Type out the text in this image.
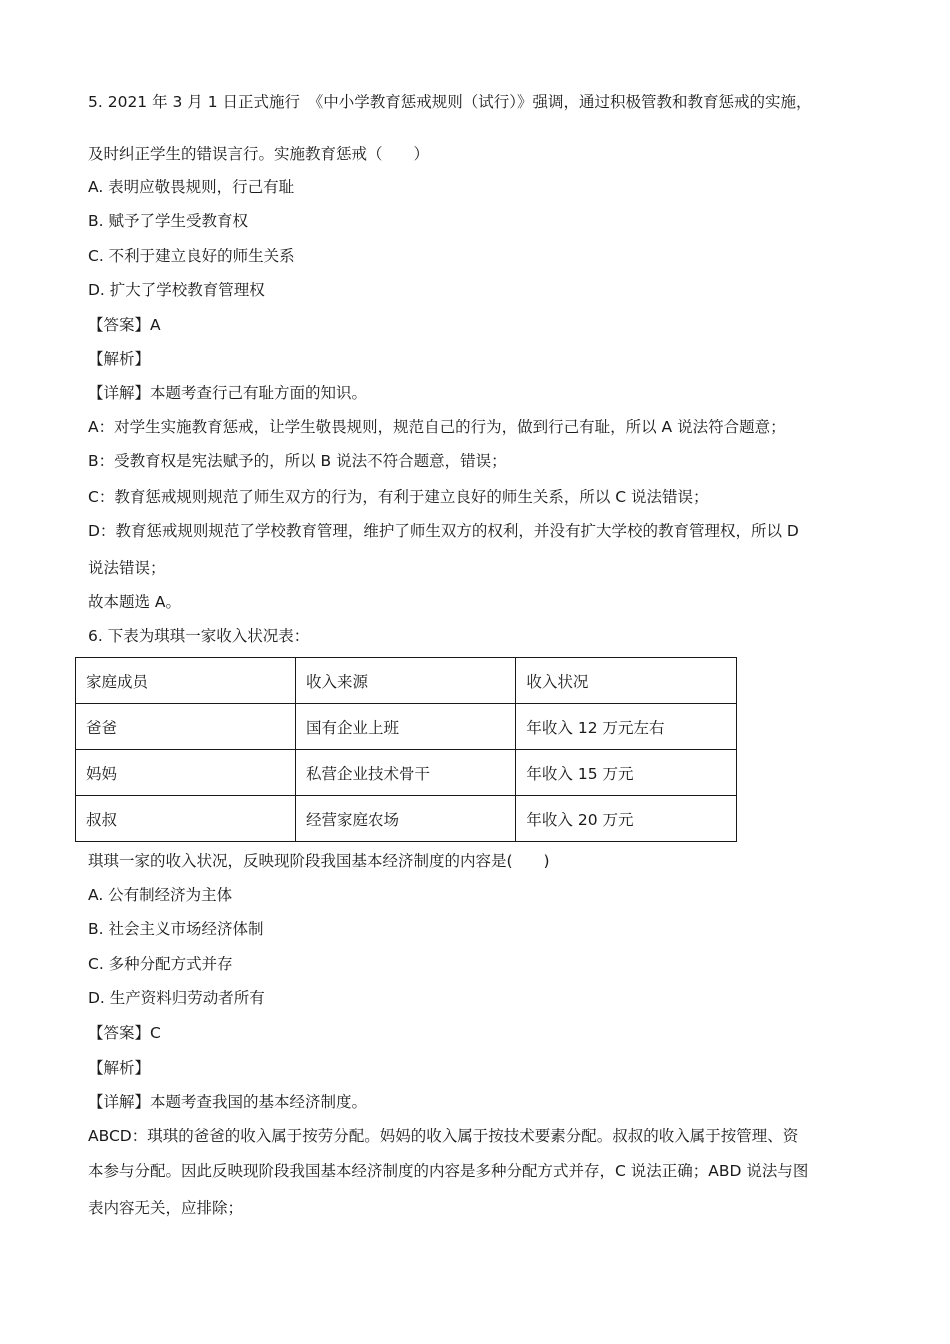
5. 2021 年 3 月 1 日正式施行　《中小学教育惩戒规则（试行）》强调，通过积极管教和教育惩戒的实施，
及时纠正学生的错误言行。实施教育惩戒（　　）
A. 表明应敬畏规则，行己有耻
B. 赋予了学生受教育权
C. 不利于建立良好的师生关系
D. 扩大了学校教育管理权
【答案】A
【解析】
【详解】本题考查行己有耻方面的知识。
A：对学生实施教育惩戒，让学生敬畏规则，规范自己的行为，做到行己有耻，所以 A 说法符合题意；
B：受教育权是宪法赋予的，所以 B 说法不符合题意，错误；
C：教育惩戒规则规范了师生双方的行为，有利于建立良好的师生关系，所以 C 说法错误；
D：教育惩戒规则规范了学校教育管理，维护了师生双方的权利，并没有扩大学校的教育管理权，所以 D
说法错误；
故本题选 A。
6. 下表为琪琪一家收入状况表：
家庭成员	收入来源	收入状况
爸爸	国有企业上班	年收入 12 万元左右
妈妈	私营企业技术骨干	年收入 15 万元
叔叔	经营家庭农场	年收入 20 万元
琪琪一家的收入状况，反映现阶段我国基本经济制度的内容是(　　)
A. 公有制经济为主体
B. 社会主义市场经济体制
C. 多种分配方式并存
D. 生产资料归劳动者所有
【答案】C
【解析】
【详解】本题考查我国的基本经济制度。
ABCD：琪琪的爸爸的收入属于按劳分配。妈妈的收入属于按技术要素分配。叔叔的收入属于按管理、资
本参与分配。因此反映现阶段我国基本经济制度的内容是多种分配方式并存，C 说法正确；ABD 说法与图
表内容无关，应排除；
